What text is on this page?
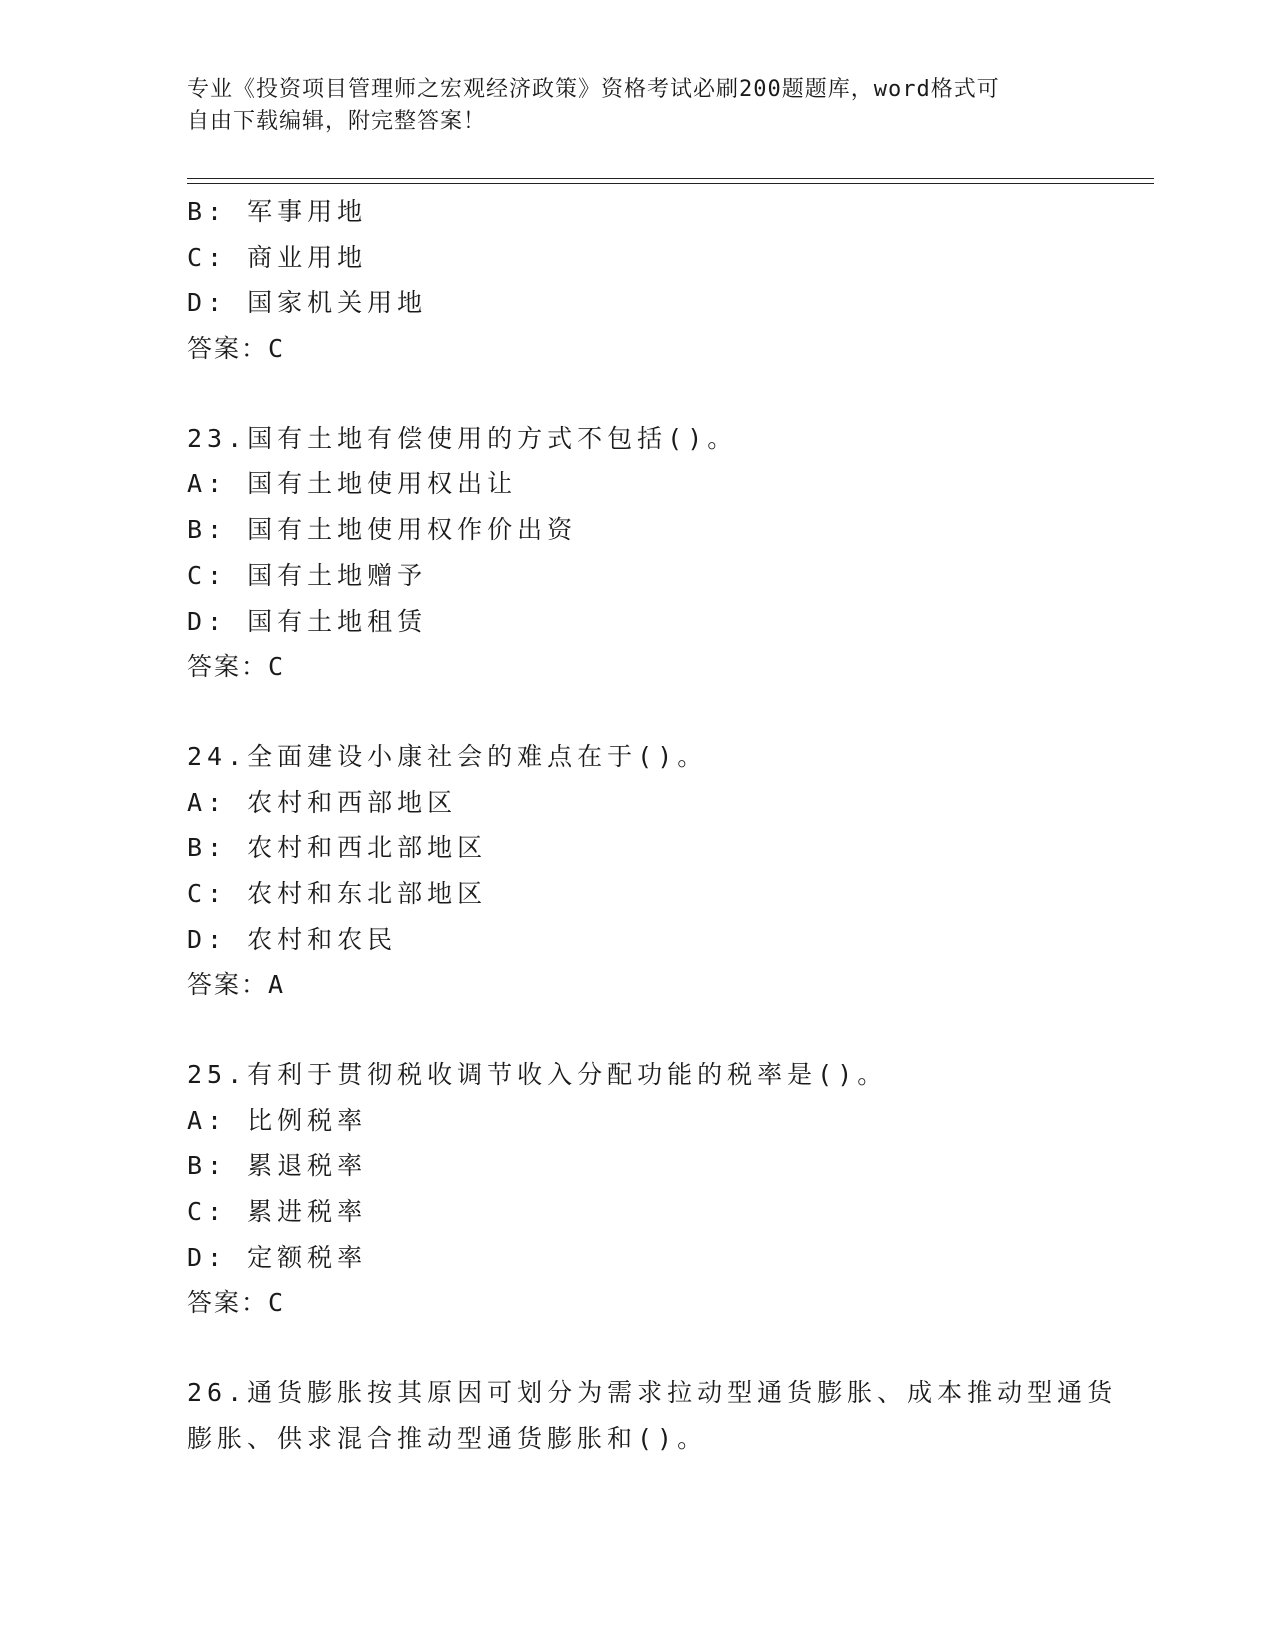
专业《投资项目管理师之宏观经济政策》资格考试必刷200题题库，word格式可
自由下载编辑，附完整答案！
B: 军事用地
C: 商业用地
D: 国家机关用地
答案：C
23.国有土地有偿使用的方式不包括()。
A: 国有土地使用权出让
B: 国有土地使用权作价出资
C: 国有土地赠予
D: 国有土地租赁
答案：C
24.全面建设小康社会的难点在于()。
A: 农村和西部地区
B: 农村和西北部地区
C: 农村和东北部地区
D: 农村和农民
答案：A
25.有利于贯彻税收调节收入分配功能的税率是()。
A: 比例税率
B: 累退税率
C: 累进税率
D: 定额税率
答案：C
26.通货膨胀按其原因可划分为需求拉动型通货膨胀、成本推动型通货
膨胀、供求混合推动型通货膨胀和()。
